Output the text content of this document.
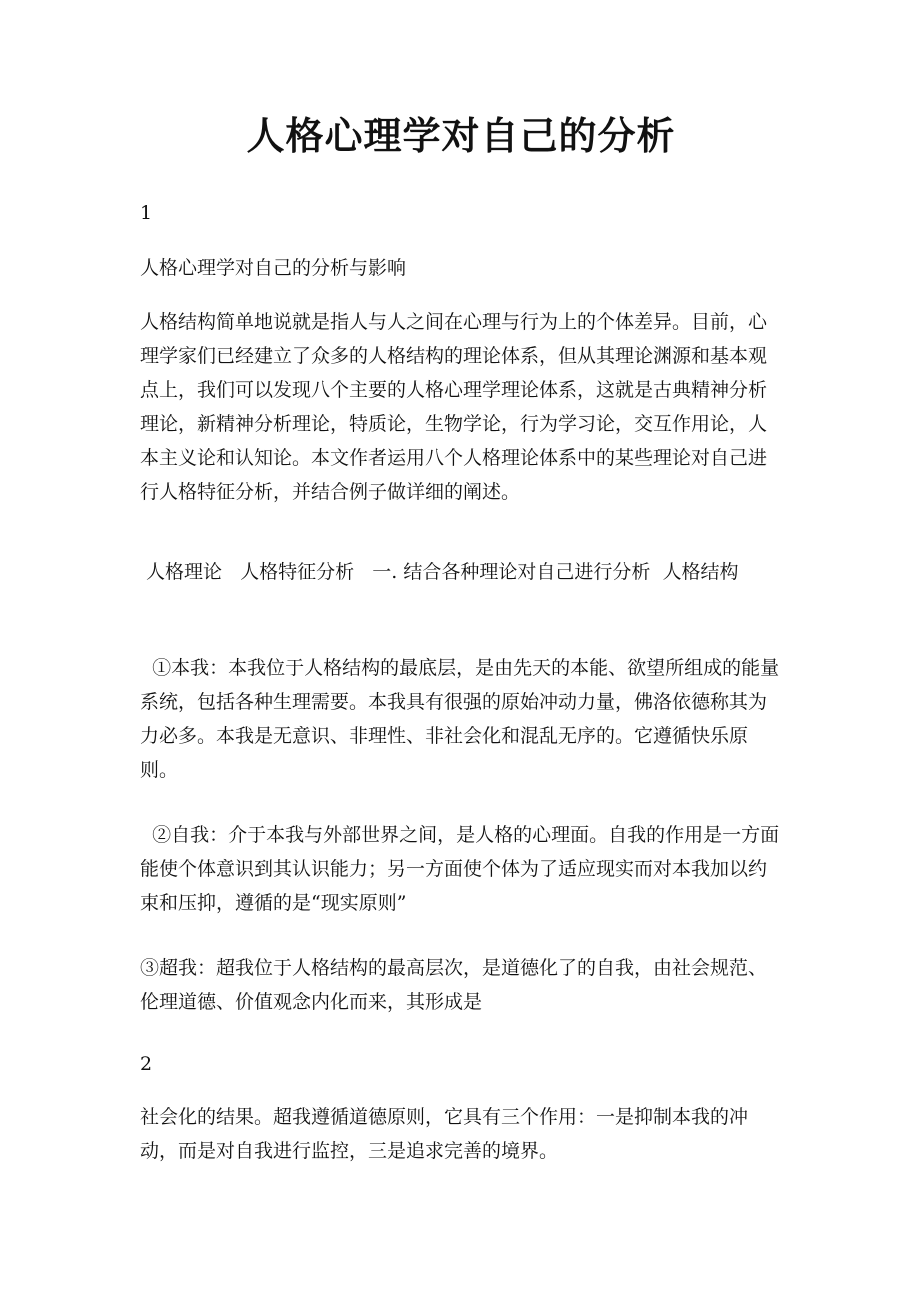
人格心理学对自己的分析

1

人格心理学对自己的分析与影响

人格结构简单地说就是指人与人之间在心理与行为上的个体差异。目前，心理学家们已经建立了众多的人格结构的理论体系，但从其理论渊源和基本观点上，我们可以发现八个主要的人格心理学理论体系，这就是古典精神分析理论，新精神分析理论，特质论，生物学论，行为学习论，交互作用论，人本主义论和认知论。本文作者运用八个人格理论体系中的某些理论对自己进行人格特征分析，并结合例子做详细的阐述。

人格理论   人格特征分析   一. 结合各种理论对自己进行分析  人格结构

①本我：本我位于人格结构的最底层，是由先天的本能、欲望所组成的能量系统，包括各种生理需要。本我具有很强的原始冲动力量，佛洛依德称其为力必多。本我是无意识、非理性、非社会化和混乱无序的。它遵循快乐原则。

②自我：介于本我与外部世界之间，是人格的心理面。自我的作用是一方面能使个体意识到其认识能力；另一方面使个体为了适应现实而对本我加以约束和压抑，遵循的是“现实原则”

③超我：超我位于人格结构的最高层次，是道德化了的自我，由社会规范、伦理道德、价值观念内化而来，其形成是

2

社会化的结果。超我遵循道德原则，它具有三个作用：一是抑制本我的冲动，而是对自我进行监控，三是追求完善的境界。
